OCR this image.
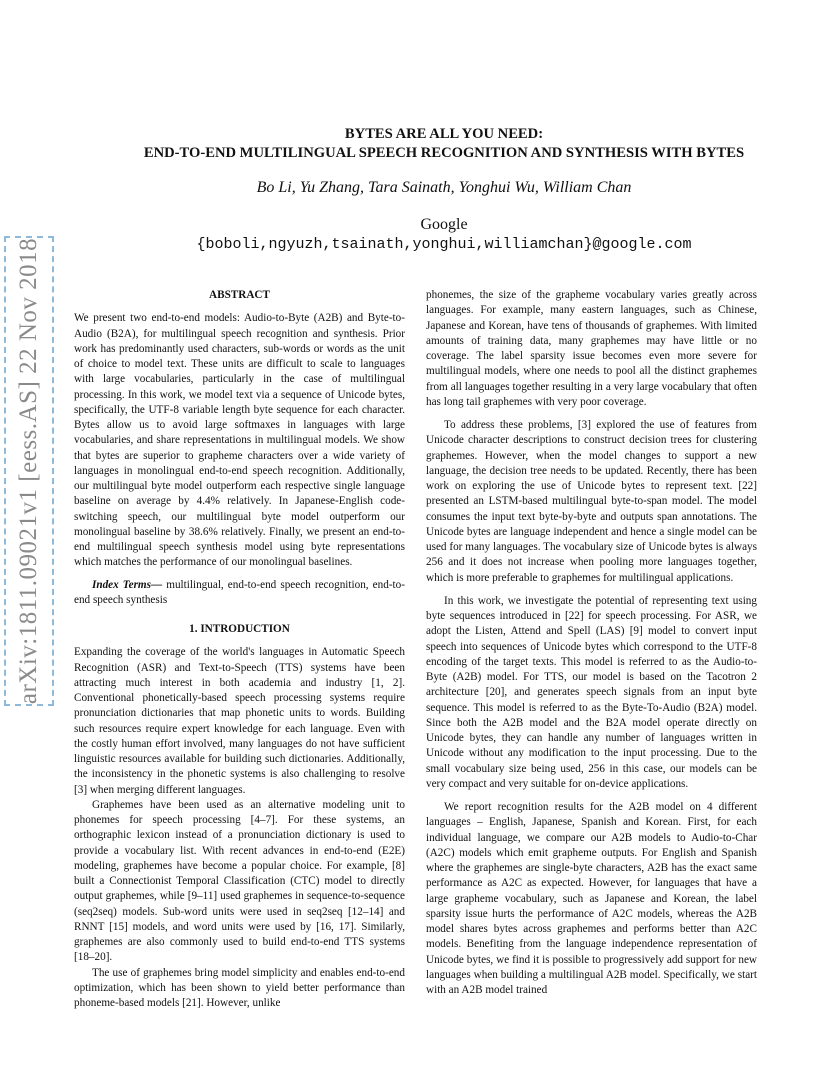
arXiv:1811.09021v1 [eess.AS] 22 Nov 2018
BYTES ARE ALL YOU NEED:
END-TO-END MULTILINGUAL SPEECH RECOGNITION AND SYNTHESIS WITH BYTES
Bo Li, Yu Zhang, Tara Sainath, Yonghui Wu, William Chan
Google
{boboli,ngyuzh,tsainath,yonghui,williamchan}@google.com
ABSTRACT

We present two end-to-end models: Audio-to-Byte (A2B) and Byte-to-Audio (B2A), for multilingual speech recognition and synthesis. Prior work has predominantly used characters, sub-words or words as the unit of choice to model text. These units are difficult to scale to languages with large vocabularies, particularly in the case of multilingual processing. In this work, we model text via a sequence of Unicode bytes, specifically, the UTF-8 variable length byte sequence for each character. Bytes allow us to avoid large softmaxes in languages with large vocabularies, and share representations in multilingual models. We show that bytes are superior to grapheme characters over a wide variety of languages in monolingual end-to-end speech recognition. Additionally, our multilingual byte model outperform each respective single language baseline on average by 4.4% relatively. In Japanese-English code-switching speech, our multilingual byte model outperform our monolingual baseline by 38.6% relatively. Finally, we present an end-to-end multilingual speech synthesis model using byte representations which matches the performance of our monolingual baselines.

Index Terms— multilingual, end-to-end speech recognition, end-to-end speech synthesis

1. INTRODUCTION

Expanding the coverage of the world's languages in Automatic Speech Recognition (ASR) and Text-to-Speech (TTS) systems have been attracting much interest in both academia and industry [1, 2]. Conventional phonetically-based speech processing systems require pronunciation dictionaries that map phonetic units to words. Building such resources require expert knowledge for each language. Even with the costly human effort involved, many languages do not have sufficient linguistic resources available for building such dictionaries. Additionally, the inconsistency in the phonetic systems is also challenging to resolve [3] when merging different languages.

Graphemes have been used as an alternative modeling unit to phonemes for speech processing [4–7]. For these systems, an orthographic lexicon instead of a pronunciation dictionary is used to provide a vocabulary list. With recent advances in end-to-end (E2E) modeling, graphemes have become a popular choice. For example, [8] built a Connectionist Temporal Classification (CTC) model to directly output graphemes, while [9–11] used graphemes in sequence-to-sequence (seq2seq) models. Sub-word units were used in seq2seq [12–14] and RNNT [15] models, and word units were used by [16, 17]. Similarly, graphemes are also commonly used to build end-to-end TTS systems [18–20].

The use of graphemes bring model simplicity and enables end-to-end optimization, which has been shown to yield better performance than phoneme-based models [21]. However, unlike

phonemes, the size of the grapheme vocabulary varies greatly across languages. For example, many eastern languages, such as Chinese, Japanese and Korean, have tens of thousands of graphemes. With limited amounts of training data, many graphemes may have little or no coverage. The label sparsity issue becomes even more severe for multilingual models, where one needs to pool all the distinct graphemes from all languages together resulting in a very large vocabulary that often has long tail graphemes with very poor coverage.

To address these problems, [3] explored the use of features from Unicode character descriptions to construct decision trees for clustering graphemes. However, when the model changes to support a new language, the decision tree needs to be updated. Recently, there has been work on exploring the use of Unicode bytes to represent text. [22] presented an LSTM-based multilingual byte-to-span model. The model consumes the input text byte-by-byte and outputs span annotations. The Unicode bytes are language independent and hence a single model can be used for many languages. The vocabulary size of Unicode bytes is always 256 and it does not increase when pooling more languages together, which is more preferable to graphemes for multilingual applications.

In this work, we investigate the potential of representing text using byte sequences introduced in [22] for speech processing. For ASR, we adopt the Listen, Attend and Spell (LAS) [9] model to convert input speech into sequences of Unicode bytes which correspond to the UTF-8 encoding of the target texts. This model is referred to as the Audio-to-Byte (A2B) model. For TTS, our model is based on the Tacotron 2 architecture [20], and generates speech signals from an input byte sequence. This model is referred to as the Byte-To-Audio (B2A) model. Since both the A2B model and the B2A model operate directly on Unicode bytes, they can handle any number of languages written in Unicode without any modification to the input processing. Due to the small vocabulary size being used, 256 in this case, our models can be very compact and very suitable for on-device applications.

We report recognition results for the A2B model on 4 different languages – English, Japanese, Spanish and Korean. First, for each individual language, we compare our A2B models to Audio-to-Char (A2C) models which emit grapheme outputs. For English and Spanish where the graphemes are single-byte characters, A2B has the exact same performance as A2C as expected. However, for languages that have a large grapheme vocabulary, such as Japanese and Korean, the label sparsity issue hurts the performance of A2C models, whereas the A2B model shares bytes across graphemes and performs better than A2C models. Benefiting from the language independence representation of Unicode bytes, we find it is possible to progressively add support for new languages when building a multilingual A2B model. Specifically, we start with an A2B model trained
